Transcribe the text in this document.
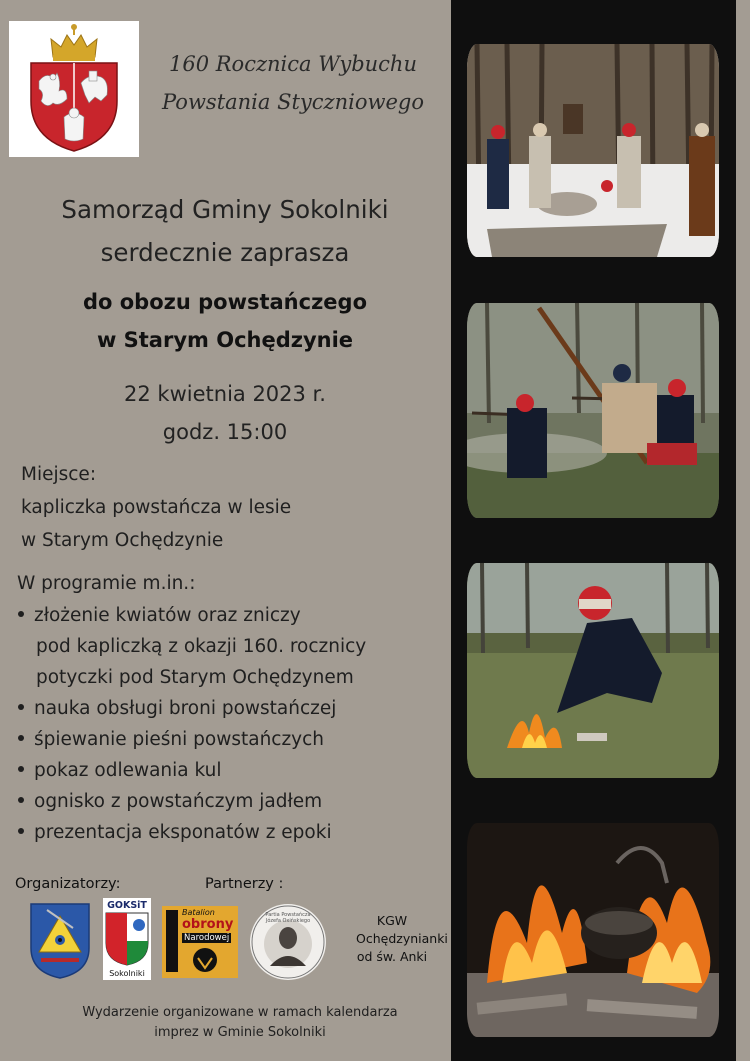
160 Rocznica Wybuchu
Powstania Styczniowego
Samorząd Gminy Sokolniki
serdecznie zaprasza
do obozu powstańczego
w Starym Ochędzynie
22 kwietnia 2023 r.
godz. 15:00
Miejsce:
kapliczka powstańcza w lesie
w Starym Ochędzynie
W programie m.in.:
złożenie kwiatów oraz zniczy
pod kapliczką z okazji 160. rocznicy
potyczki pod Starym Ochędzynem
nauka obsługi broni powstańczej
śpiewanie pieśni powstańczych
pokaz odlewania kul
ognisko z powstańczym jadłem
prezentacja eksponatów z epoki
Organizatorzy:	Partnerzy :
GOKSiT
Sokolniki
Batalion
obrony
Narodowej
Partia Powstańcza Józefa Oxińskiego	KGW
Ochędzynianki
od św. Anki
Wydarzenie organizowane w ramach kalendarza
imprez w Gminie Sokolniki
